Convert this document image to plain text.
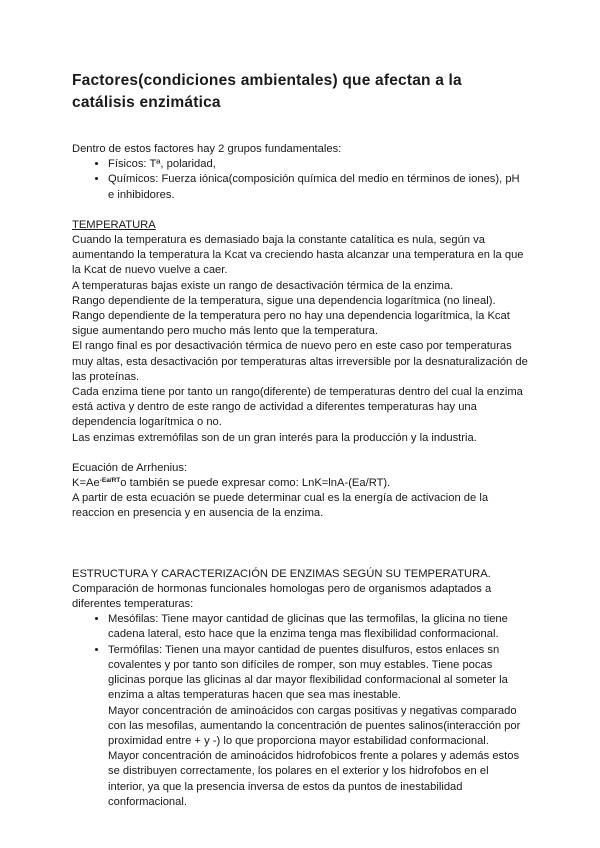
Factores(condiciones ambientales) que afectan a la catálisis enzimática

Dentro de estos factores hay 2 grupos fundamentales:

• Físicos: Tª, polaridad,
• Químicos: Fuerza iónica(composición química del medio en términos de iones), pH e inhibidores.

TEMPERATURA

Cuando la temperatura es demasiado baja la constante catalítica es nula, según va aumentando la temperatura la Kcat va creciendo hasta alcanzar una temperatura en la que la Kcat de nuevo vuelve a caer.

A temperaturas bajas existe un rango de desactivación térmica de la enzima.

Rango dependiente de la temperatura, sigue una dependencia logarítmica (no lineal).

Rango dependiente de la temperatura pero no hay una dependencia logarítmica, la Kcat sigue aumentando pero mucho más lento que la temperatura.

El rango final es por desactivación térmica de nuevo pero en este caso por temperaturas muy altas, esta desactivación por temperaturas altas irreversible por la desnaturalización de las proteínas.

Cada enzima tiene por tanto un rango(diferente) de temperaturas dentro del cual la enzima está activa y dentro de este rango de actividad a diferentes temperaturas hay una dependencia logarítmica o no.

Las enzimas extremófilas son de un gran interés para la producción y la industria.

Ecuación de Arrhenius:

$K=Ae^{-Ea/RT}o$ también se puede expresar como: LnK=lnA-(Ea/RT).

A partir de esta ecuación se puede determinar cual es la energía de activacion de la reaccion en presencia y en ausencia de la enzima.

ESTRUCTURA Y CARACTERIZACIÓN DE ENZIMAS SEGÚN SU TEMPERATURA.

Comparación de hormonas funcionales homologas pero de organismos adaptados a diferentes temperaturas:

• Mesófilas: Tiene mayor cantidad de glicinas que las termofilas, la glicina no tiene cadena lateral, esto hace que la enzima tenga mas flexibilidad conformacional.
• Termófilas: Tienen una mayor cantidad de puentes disulfuros, estos enlaces sn covalentes y por tanto son difíciles de romper, son muy estables. Tiene pocas glicinas porque las glicinas al dar mayor flexibilidad conformacional al someter la enzima a altas temperaturas hacen que sea mas inestable.
Mayor concentración de aminoácidos con cargas positivas y negativas comparado con las mesofilas, aumentando la concentración de puentes salinos(interacción por proximidad entre + y -) lo que proporciona mayor estabilidad conformacional.
Mayor concentración de aminoácidos hidrofobicos frente a polares y además estos se distribuyen correctamente, los polares en el exterior y los hidrofobos en el interior, ya que la presencia inversa de estos da puntos de inestabilidad conformacional.
